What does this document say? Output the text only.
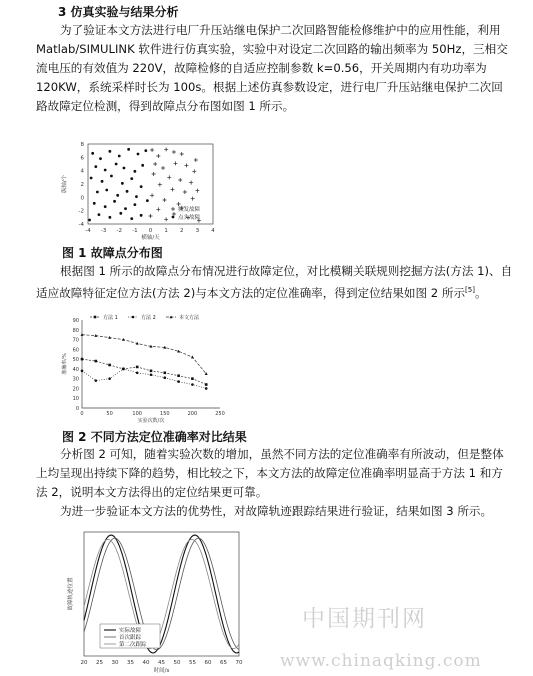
3 仿真实验与结果分析

为了验证本文方法进行电厂升压站继电保护二次回路智能检修维护中的应用性能，利用 Matlab/SIMULINK 软件进行仿真实验，实验中对设定二次回路的输出频率为 50Hz，三相交流电压的有效值为 220V，故障检修的自适应控制参数 k=0.56，开关周期内有功功率为 120KW，系统采样时长为 100s。根据上述仿真参数设定，进行电厂升压站继电保护二次回路故障定位检测，得到故障点分布图如图 1 所示。

8
6
4
2
0
-2
-4
-4 -3 -2 -1 0 1 2 3 4
横轴/天
纵轴/个
频发故障
点头故障
图 1 故障点分布图

根据图 1 所示的故障点分布情况进行故障定位，对比模糊关联规则挖掘方法(方法 1)、自适应故障特征定位方法(方法 2)与本文方法的定位准确率，得到定位结果如图 2 所示[5]。

90
80
70
60
50
40
30
20
10
0
0	50	100	150	200	250
实验次数/次
准确率/%
方法 1	方法 2	本文方法
图 2 不同方法定位准确率对比结果

分析图 2 可知，随着实验次数的增加，虽然不同方法的定位准确率有所波动，但是整体上均呈现出持续下降的趋势，相比较之下，本文方法的故障定位准确率明显高于方法 1 和方法 2，说明本文方法得出的定位结果更可靠。

为进一步验证本文方法的优势性，对故障轨迹跟踪结果进行验证，结果如图 3 所示。

20 25 30 35 40 45 50 55 60 65 70
时间/s
故障轨迹位置
实际故障
首次跟踪
第二次跟踪
中国期刊网
www.chinaqking.com
